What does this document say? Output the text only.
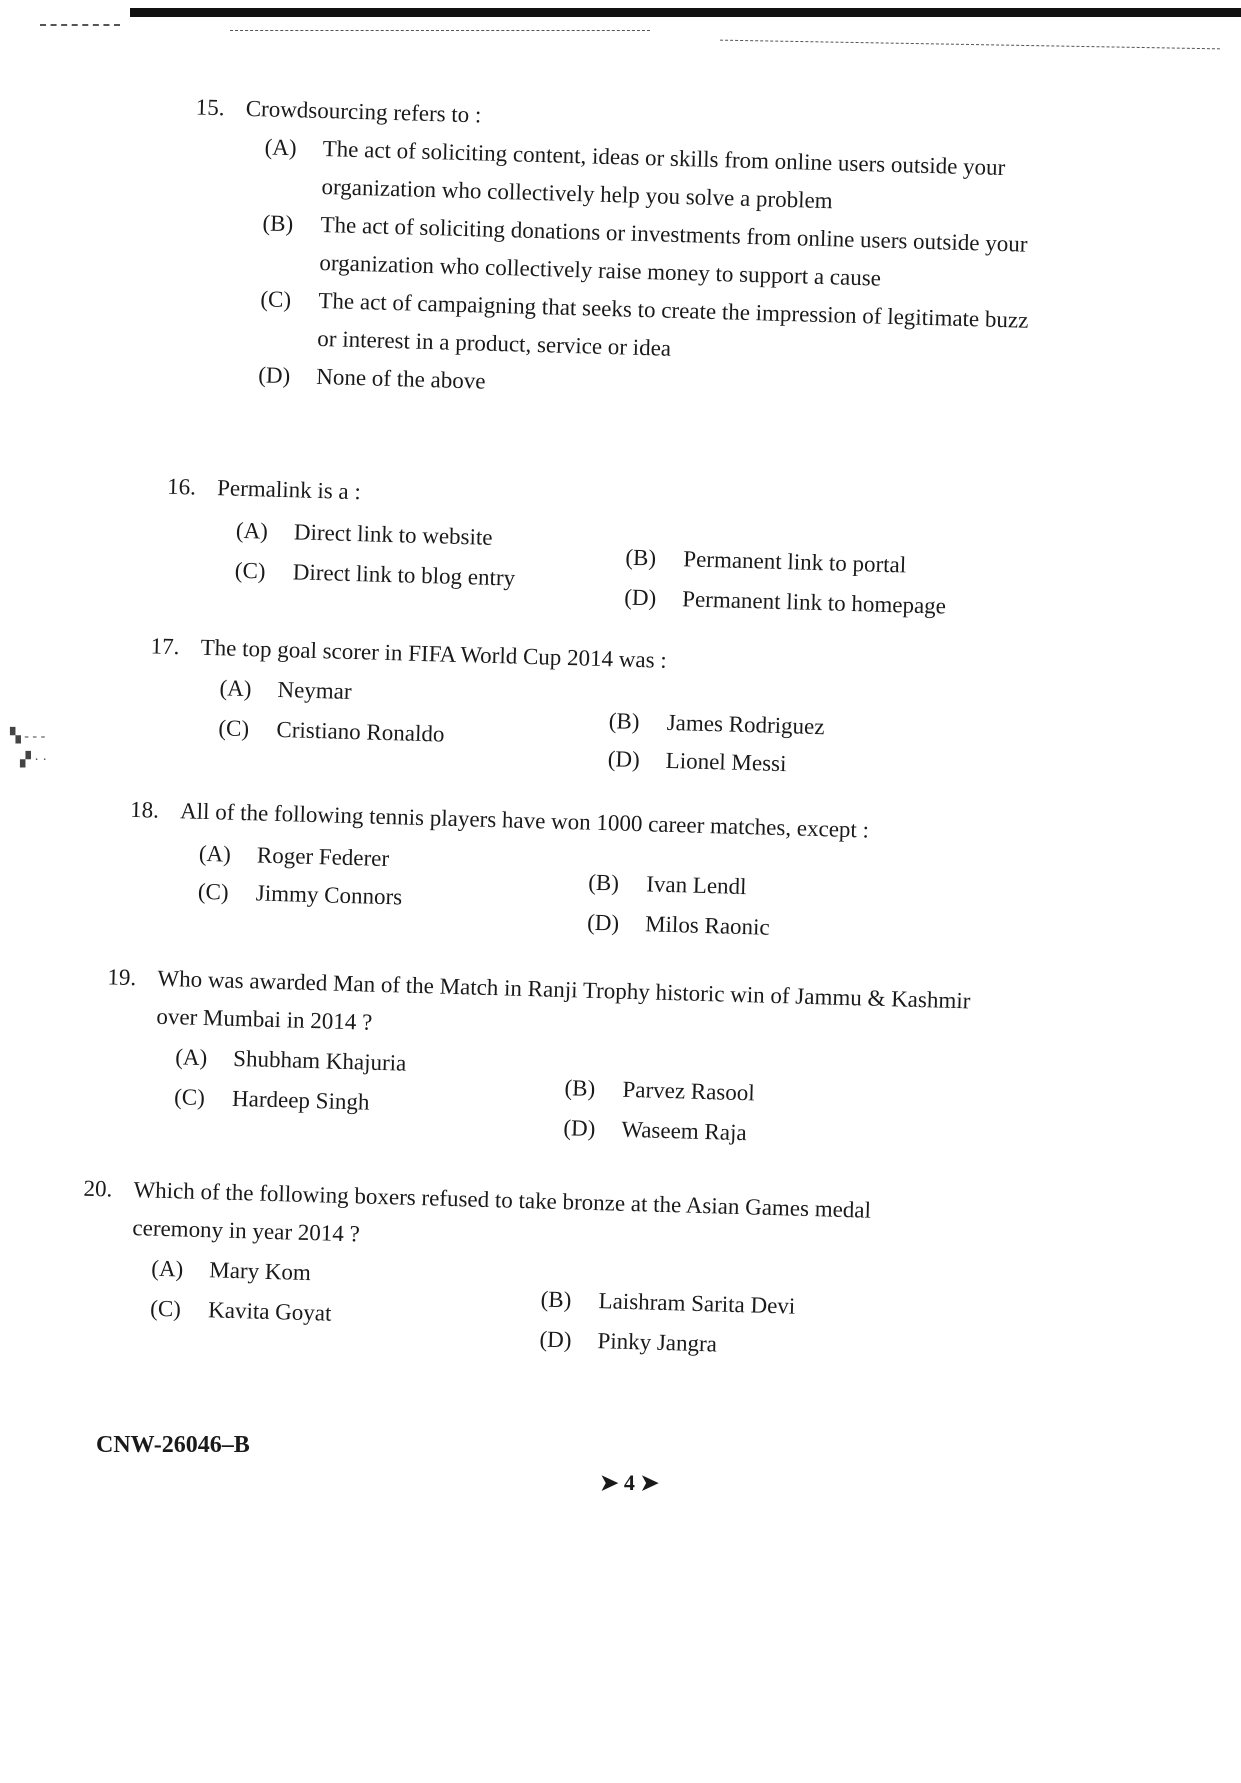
▚ - - -
▞ · ·
15. Crowdsourcing refers to :
(A)	The act of soliciting content, ideas or skills from online users outside your organization who collectively help you solve a problem
(B)	The act of soliciting donations or investments from online users outside your organization who collectively raise money to support a cause
(C)	The act of campaigning that seeks to create the impression of legitimate buzz or interest in a product, service or idea
(D)	None of the above
16. Permalink is a :
(A)	Direct link to website
(B)	Permanent link to portal
(C)	Direct link to blog entry
(D)	Permanent link to homepage
17. The top goal scorer in FIFA World Cup 2014 was :
(A)	Neymar
(B)	James Rodriguez
(C)	Cristiano Ronaldo
(D)	Lionel Messi
18. All of the following tennis players have won 1000 career matches, except :
(A)	Roger Federer
(B)	Ivan Lendl
(C)	Jimmy Connors
(D)	Milos Raonic
19. Who was awarded Man of the Match in Ranji Trophy historic win of Jammu & Kashmir over Mumbai in 2014 ?
(A)	Shubham Khajuria
(B)	Parvez Rasool
(C)	Hardeep Singh
(D)	Waseem Raja
20. Which of the following boxers refused to take bronze at the Asian Games medal ceremony in year 2014 ?
(A)	Mary Kom
(B)	Laishram Sarita Devi
(C)	Kavita Goyat
(D)	Pinky Jangra
CNW-26046–B
➤ 4 ➤
